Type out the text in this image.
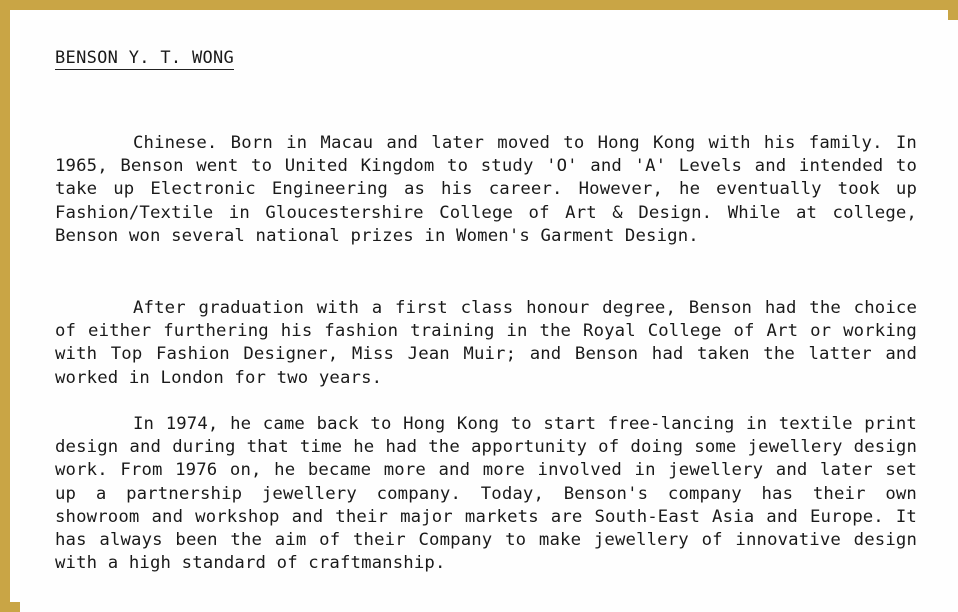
BENSON Y. T. WONG
Chinese. Born in Macau and later moved to Hong Kong with his family. In 1965, Benson went to United Kingdom to study 'O' and 'A' Levels and intended to take up Electronic Engineering as his career. However, he eventually took up Fashion/Textile in Gloucestershire College of Art & Design. While at college, Benson won several national prizes in Women's Garment Design.
After graduation with a first class honour degree, Benson had the choice of either furthering his fashion training in the Royal College of Art or working with Top Fashion Designer, Miss Jean Muir; and Benson had taken the latter and worked in London for two years.
In 1974, he came back to Hong Kong to start free-lancing in textile print design and during that time he had the apportunity of doing some jewellery design work. From 1976 on, he became more and more involved in jewellery and later set up a partnership jewellery company. Today, Benson's company has their own showroom and workshop and their major markets are South-East Asia and Europe. It has always been the aim of their Company to make jewellery of innovative design with a high standard of craftmanship.
